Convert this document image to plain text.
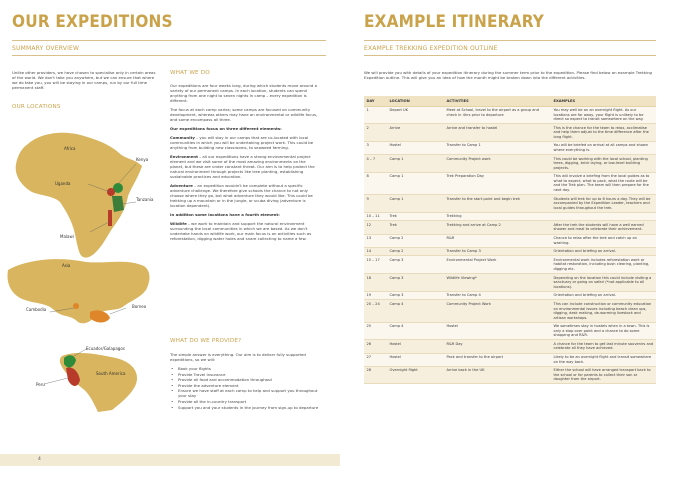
OUR EXPEDITIONS
SUMMARY OVERVIEW
Unlike other providers, we have chosen to specialise only in certain areas of the world. We don't take you anywhere, but we can ensure that where we do take you, you will be staying in our camps, run by our full time permanent staff.
OUR LOCATIONS
Africa
Kenya
Uganda
Tanzania
Malawi
Asia
Borneo
Cambodia
Ecuador/Galapagos
South America
Peru
WHAT WE DO

Our expeditions are four weeks long, during which students move around a variety of our permanent camps. In each location, students can spend anything from one night to seven nights in camp – every expedition is different.

The focus at each camp varies; some camps are focused on community development, whereas others may have an environmental or wildlife focus, and some encompass all three.

Our expeditions focus on three different elements:

Community – you will stay in our camps that are co-located with local communities in which you will be undertaking project work. This could be anything from building new classrooms, to seaweed farming.

Environment – all our expeditions have a strong environmental project element and we visit some of the most amazing environments on the planet, but these are under constant threat. Our aim is to help protect the natural environment through projects like tree planting, establishing sustainable practices and education.

Adventure – an expedition wouldn't be complete without a specific adventure challenge. We therefore give schools the chance to not only choose where they go, but what adventure they would like. This could be trekking up a mountain or in the jungle, or scuba diving (adventure is location dependent).

In addition some locations have a fourth element:

Wildlife – we work to maintain and support the natural environment surrounding the local communities in which we are based. As we don't undertake hands on wildlife work, our main focus is on activities such as reforestation, digging water holes and snare collecting to name a few.

WHAT DO WE PROVIDE?

The simple answer is everything. Our aim is to deliver fully supported expeditions, so we will:

• Book your flights
• Provide Travel Insurance
• Provide all food and accommodation throughout
• Provide the adventure element
• Ensure we have staff at each camp to help and support you throughout your stay
• Provide all the in-country transport
• Support you and your students in the journey from sign-up to departure
4
EXAMPLE ITINERARY
EXAMPLE TREKKING EXPEDITION OUTLINE
We will provide you with details of your expedition itinerary during the summer term prior to the expedition. Please find below an example Trekking Expedition outline. This will give you an idea of how the month might be broken down into the different activities.
DAY	LOCATION	ACTIVITIES	EXAMPLES
1	Depart UK	Meet at School, travel to the airport as a group and check in 4hrs prior to departure	You may well be on an overnight flight. As our locations are far away, your flight is unlikely to be direct so expect to transit somewhere on the way.
2	Arrive	Arrive and transfer to hostel	This is the chance for the team to relax, acclimatise and help them adjust to the time difference after the long flight.
3	Hostel	Transfer to Camp 1	You will be briefed on arrival at all camps and shown where everything is.
4 – 7	Camp 1	Community Project work	This could be working with the local school, planting trees, digging, brick laying, or low-level building projects.
8	Camp 1	Trek Preparation Day	This will involve a briefing from the local guides as to what to expect, what to pack, what the route will be and the Trek plan. The team will then prepare for the next day.
9	Camp 1	Transfer to the start point and begin trek	Students will trek for up to 6 hours a day. They will be accompanied by the Expedition Leader, teachers and local guides throughout the trek.
10 – 11	Trek	Trekking	
12	Trek	Trekking and arrive at Camp 2	After the trek the students will have a well earned shower and meal to celebrate their achievement.
13	Camp 2	R&R	Chance to relax after the trek and catch up on washing.
14	Camp 2	Transfer to Camp 3	Orientation and briefing on arrival.
15 – 17	Camp 3	Environmental Project Work	Environmental work includes reforestation work or habitat restoration, including bush clearing, planting, digging etc.
18	Camp 3	Wildlife Viewing*	Depending on the location this could include visiting a sanctuary or going on safari (*not applicable to all locations).
19	Camp 3	Transfer to Camp 4	Orientation and briefing on arrival.
20 – 24	Camp 4	Community Project Work	This can include construction or community education on environmental issues including beach clean ups, digging, desk making, de-worming livestock and artisan workshops.
25	Camp 4	Hostel	We sometimes stay in hostels when in a town. This is only a stop over point and a chance to do some shopping and R&R.
26	Hostel	R&R Day	A chance for the team to get last minute souvenirs and celebrate all they have achieved.
27	Hostel	Pack and transfer to the airport	Likely to be an overnight flight and transit somewhere on the way back.
28	Overnight flight	Arrive back in the UK	Either the school will have arranged transport back to the school or for parents to collect their son or daughter from the airport.
